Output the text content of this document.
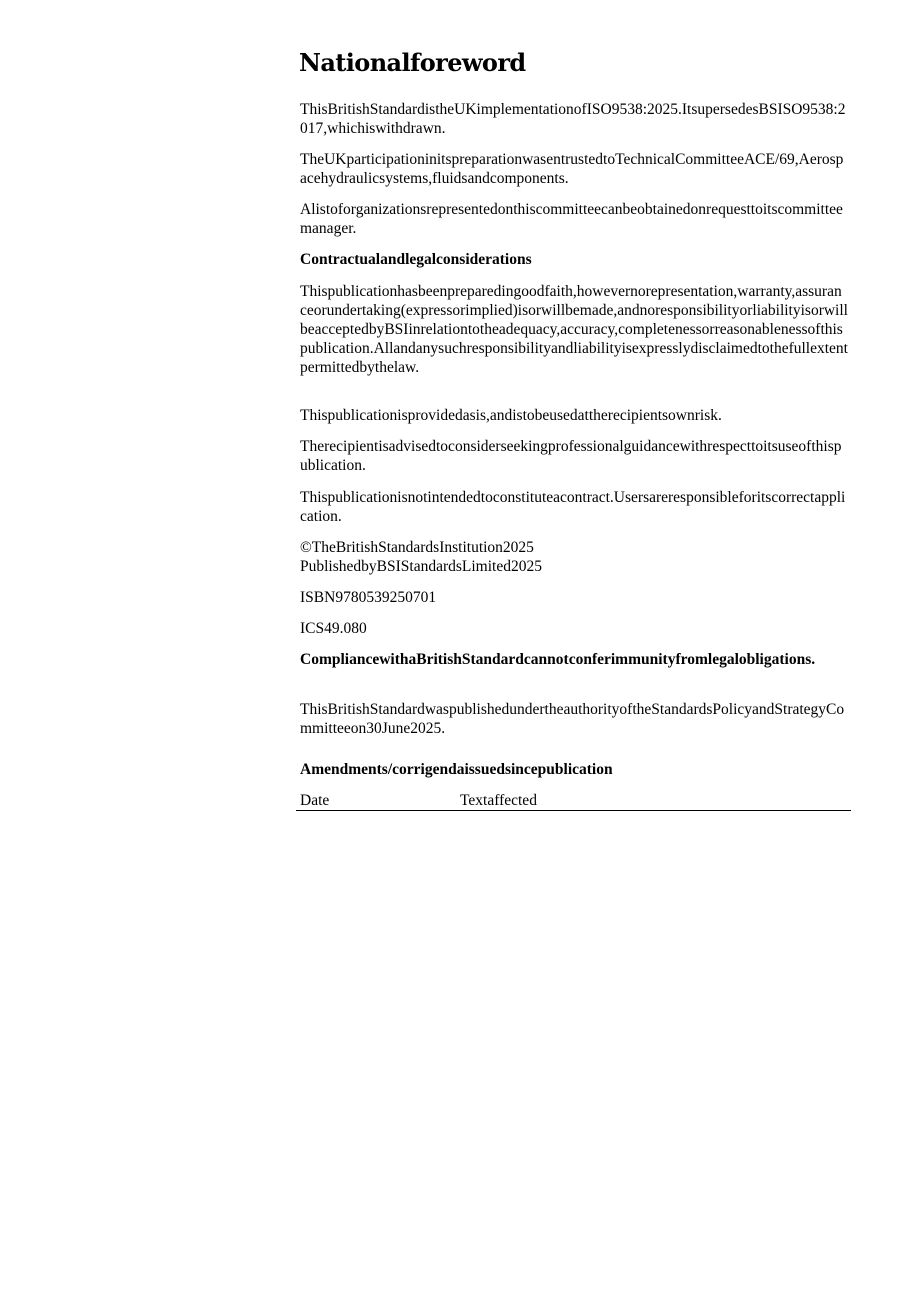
Nationalforeword

ThisBritishStandardistheUKimplementationofISO9538:2025.ItsupersedesBSISO9538:2017,whichiswithdrawn.

TheUKparticipationinitspreparationwasentrustedtoTechnicalCommitteeACE/69,Aerospacehydraulicsystems,fluidsandcomponents.

Alistoforganizationsrepresentedonthiscommitteecanbeobtainedonrequesttoitscommitteemanager.

Contractualandlegalconsiderations

Thispublicationhasbeenpreparedingoodfaith,howevernorepresentation,warranty,assuranceorundertaking(expressorimplied)isorwillbemade,andnoresponsibilityorliabilityisorwillbeacceptedbyBSIinrelationtotheadequacy,accuracy,completenessorreasonablenessofthispublication.Allandanysuchresponsibilityandliabilityisexpresslydisclaimedtothefullextentpermittedbythelaw.

Thispublicationisprovidedasis,andistobeusedattherecipientsownrisk.

Therecipientisadvisedtoconsiderseekingprofessionalguidancewithrespecttoitsuseofthispublication.

Thispublicationisnotintendedtoconstituteacontract.Usersareresponsibleforitscorrectapplication.

©TheBritishStandardsInstitution2025
PublishedbyBSIStandardsLimited2025

ISBN9780539250701

ICS49.080

CompliancewithaBritishStandardcannotconferimmunityfromlegalobligations.

ThisBritishStandardwaspublishedundertheauthorityoftheStandardsPolicyandStrategyCommitteeon30June2025.

Amendments/corrigendaissuedsincepublication

Date	Textaffected
